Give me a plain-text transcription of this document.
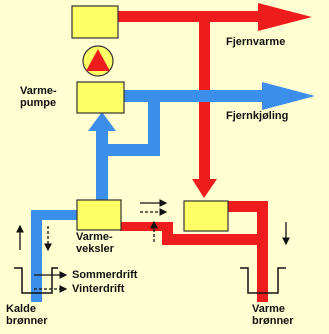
Fjernvarme
Fjernkjøling
Varme-
pumpe
Varme-
veksler
Sommerdrift
Vinterdrift
Kalde
brønner
Varme
brønner
